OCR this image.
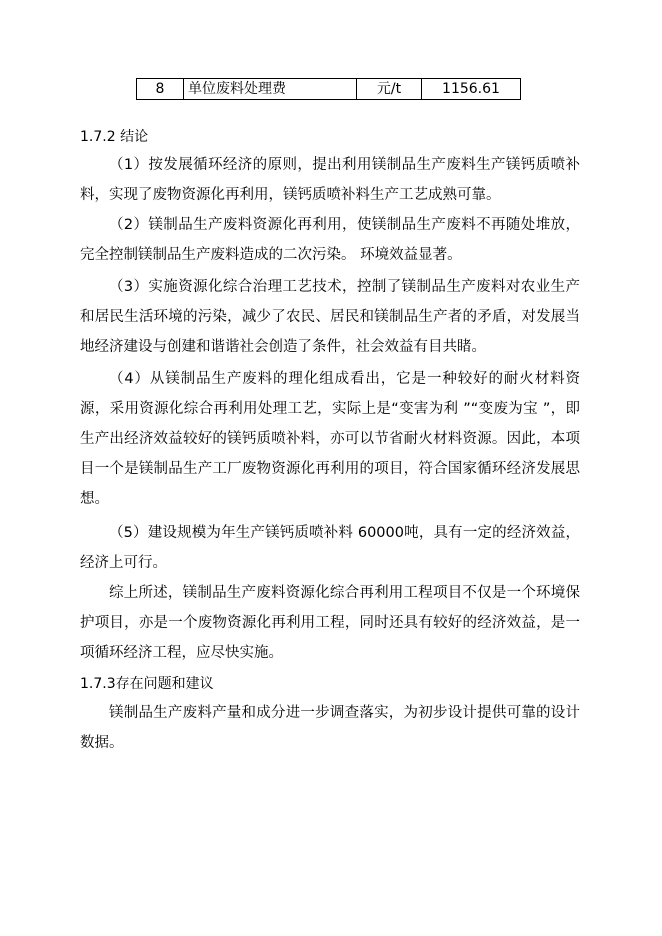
8	单位废料处理费	元/t	1156.61
1.7.2 结论
（1）按发展循环经济的原则，提出利用镁制品生产废料生产镁钙质喷补料，实现了废物资源化再利用，镁钙质喷补料生产工艺成熟可靠。
（2）镁制品生产废料资源化再利用，使镁制品生产废料不再随处堆放，完全控制镁制品生产废料造成的二次污染。 环境效益显著。
（3）实施资源化综合治理工艺技术，控制了镁制品生产废料对农业生产和居民生活环境的污染，减少了农民、居民和镁制品生产者的矛盾，对发展当地经济建设与创建和谐谐社会创造了条件，社会效益有目共睹。
（4）从镁制品生产废料的理化组成看出，它是一种较好的耐火材料资源，采用资源化综合再利用处理工艺，实际上是“变害为利 ”“变废为宝 ”，即生产出经济效益较好的镁钙质喷补料，亦可以节省耐火材料资源。因此，本项目一个是镁制品生产工厂废物资源化再利用的项目，符合国家循环经济发展思想。
（5）建设规模为年生产镁钙质喷补料 60000吨，具有一定的经济效益，经济上可行。
综上所述，镁制品生产废料资源化综合再利用工程项目不仅是一个环境保护项目，亦是一个废物资源化再利用工程，同时还具有较好的经济效益，是一项循环经济工程，应尽快实施。
1.7.3存在问题和建议
镁制品生产废料产量和成分进一步调查落实，为初步设计提供可靠的设计数据。
